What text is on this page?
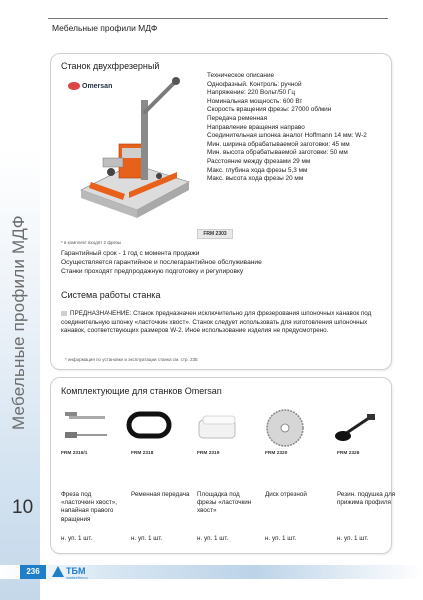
Мебельные профили МДФ
10
Мебельные профили МДФ
Станок двухфрезерный
Omersan
Техническое описание
Однофазный. Контроль: ручной
Напряжение: 220 Вольт/50 Гц
Номинальная мощность: 600 Вт
Скорость вращения фрезы: 27000 об/мин
Передача ременная
Направление вращения направо
Соединительная шпонка аналог Hoffmann 14 мм: W-2
Мин. ширина обрабатываемой заготовки: 45 мм
Мин. высота обрабатываемой заготовки: 50 мм
Расстояние между фрезами 29 мм
Макс. глубина хода фрезы 5,3 мм
Макс. высота хода фрезы 20 мм
* в комплект входят 2 фрезы
FRM 2303
Гарантийный срок - 1 год с момента продажи
Осуществляется гарантийное и послегарантийное обслуживание
Станки проходят предпродажную подготовку и регулировку
Система работы станка
ПРЕДНАЗНАЧЕНИЕ: Станок предназначен исключительно для фрезерования шпоночных канавок под соединительную шпонку «ласточкин хвост». Станок следует использовать для изготовления шпоночных канавок, соответствующих размеров W-2. Иное использование изделия не предусмотрено.
* информация по установке и эксплуатации станка см. стр. 235
Комплектующие для станков Omersan
FRM 2316/1
Фреза под «ласточкин хвост», напайная правого вращения
н. уп. 1 шт.
FRM 2318
Ременная передача
н. уп. 1 шт.
FRM 2319
Площадка под фрезы «ласточкин хвост»
н. уп. 1 шт.
FRM 2320
Диск отрезной
н. уп. 1 шт.
FRM 2326
Резин. подушка для прижима профиля
н. уп. 1 шт.
236	ТБМ
market.tbm.ru
